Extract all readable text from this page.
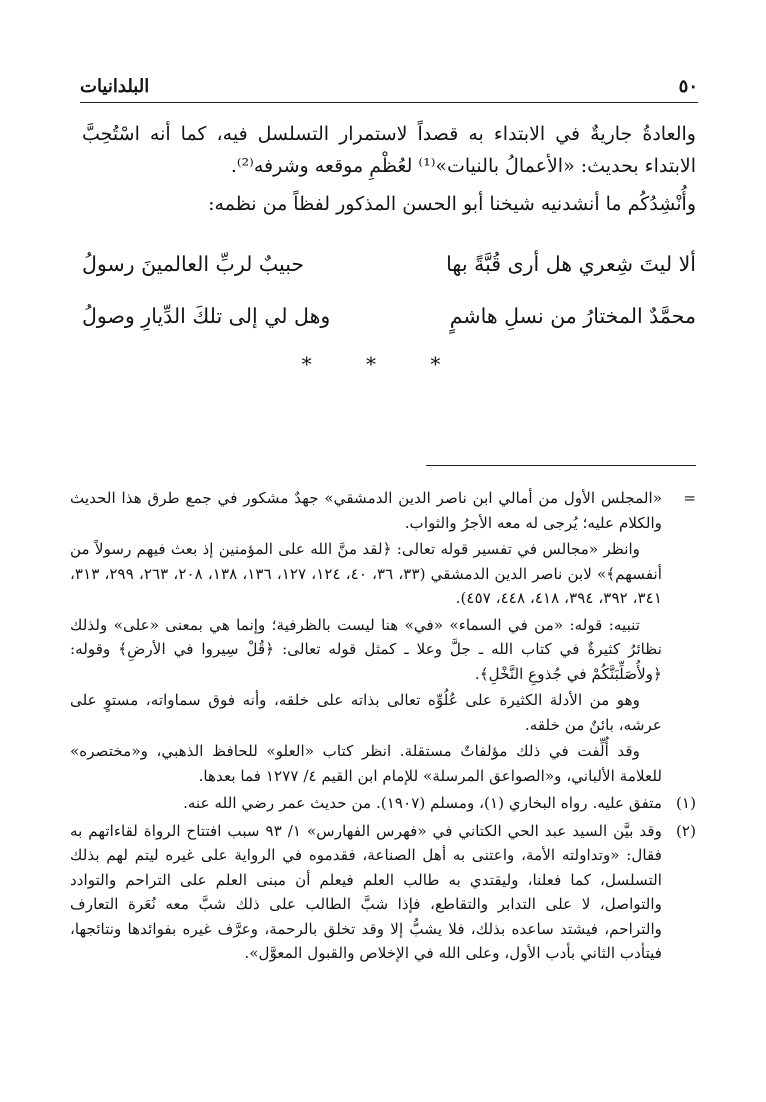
٥٠
البلدانيات

والعادةُ جاريةٌ في الابتداء به قصداً لاستمرار التسلسل فيه، كما أنه اسْتُحِبَّ الابتداء بحديث: «الأعمالُ بالنيات»⁽¹⁾ لعُظْمِ موقعه وشرفه⁽²⁾.

وأُنْشِدُكُم ما أنشدنيه شيخنا أبو الحسن المذكور لفظاً من نظمه:

ألا ليتَ شِعري هل أرى قُبَّةً بها
حبيبٌ لربِّ العالمينَ رسولُ
محمَّدٌ المختارُ من نسلِ هاشمٍ
وهل لي إلى تلكَ الدِّيارِ وصولُ
* * *
=

«المجلس الأول من أمالي ابن ناصر الدين الدمشقي» جهدٌ مشكور في جمع طرق هذا الحديث والكلام عليه؛ يُرجى له معه الأجرُ والثواب.

وانظر «مجالس في تفسير قوله تعالى: ﴿لقد منَّ الله على المؤمنين إذ بعث فيهم رسولاً من أنفسهم﴾» لابن ناصر الدين الدمشقي (٣٣، ٣٦، ٤٠، ١٢٤، ١٢٧، ١٣٦، ١٣٨، ٢٠٨، ٢٦٣، ٢٩٩، ٣١٣، ٣٤١، ٣٩٢، ٣٩٤، ٤١٨، ٤٤٨، ٤٥٧).

تنبيه: قوله: «من في السماء» «في» هنا ليست بالظرفية؛ وإنما هي بمعنى «على» ولذلك نظائرُ كثيرةٌ في كتاب الله ـ جلَّ وعلا ـ كمثل قوله تعالى: ﴿قُلْ سِيروا في الأرضِ﴾ وقوله: ﴿ولأُصَلِّبَنَّكُمْ في جُذوعِ النَّخْلِ﴾.

وهو من الأدلة الكثيرة على عُلُوِّه تعالى بذاته على خلقه، وأنه فوق سماواته، مستوٍ على عرشه، بائنٌ من خلقه.

وقد أُلِّفت في ذلك مؤلفاتٌ مستقلة. انظر كتاب «العلو» للحافظ الذهبي، و«مختصره» للعلامة الألباني، و«الصواعق المرسلة» للإمام ابن القيم ٤/ ١٢٧٧ فما بعدها.

(١)

متفق عليه. رواه البخاري (١)، ومسلم (١٩٠٧). من حديث عمر رضي الله عنه.

(٢)

وقد بيَّن السيد عبد الحي الكتاني في «فهرس الفهارس» ١/ ٩٣ سبب افتتاح الرواة لقاءاتهم به فقال: «وتداولته الأمة، واعتنى به أهل الصناعة، فقدموه في الرواية على غيره ليتم لهم بذلك التسلسل، كما فعلنا، وليقتدي به طالب العلم فيعلم أن مبنى العلم على التراحم والتوادد والتواصل، لا على التدابر والتقاطع، فإذا شبَّ الطالب على ذلك شبَّ معه نُعَرة التعارف والتراحم، فيشتد ساعده بذلك، فلا يشبُّ إلا وقد تخلق بالرحمة، وعرَّف غيره بفوائدها ونتائجها، فيتأدب الثاني بأدب الأول، وعلى الله في الإخلاص والقبول المعوَّل».
